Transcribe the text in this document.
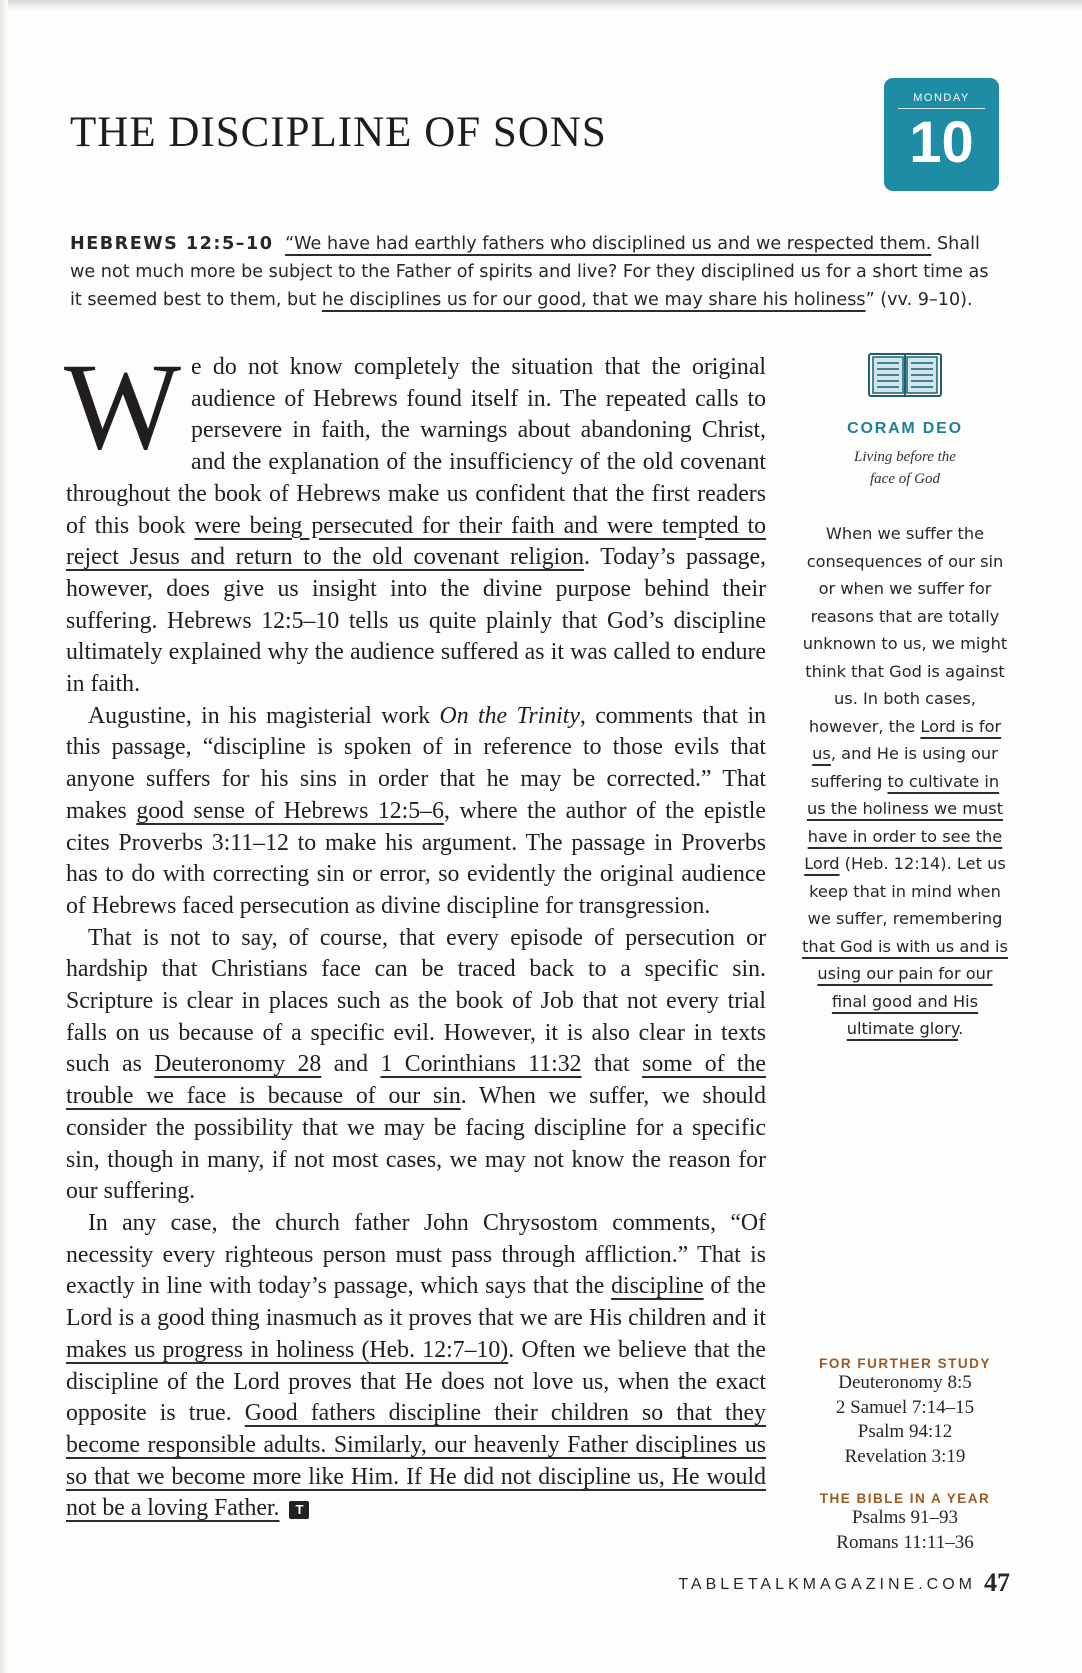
THE DISCIPLINE OF SONS
MONDAY
10
HEBREWS 12:5–10 “We have had earthly fathers who disciplined us and we respected them. Shall we not much more be subject to the Father of spirits and live? For they disciplined us for a short time as it seemed best to them, but he disciplines us for our good, that we may share his holiness” (vv. 9–10).

We do not know completely the situation that the original audience of Hebrews found itself in. The repeated calls to persevere in faith, the warnings about abandoning Christ, and the explanation of the insufficiency of the old covenant throughout the book of Hebrews make us confident that the first readers of this book were being persecuted for their faith and were tempted to reject Jesus and return to the old covenant religion. Today’s passage, however, does give us insight into the divine purpose behind their suffering. Hebrews 12:5–10 tells us quite plainly that God’s discipline ultimately explained why the audience suffered as it was called to endure in faith.

Augustine, in his magisterial work On the Trinity, comments that in this passage, “discipline is spoken of in reference to those evils that anyone suffers for his sins in order that he may be corrected.” That makes good sense of Hebrews 12:5–6, where the author of the epistle cites Proverbs 3:11–12 to make his argument. The passage in Proverbs has to do with correcting sin or error, so evidently the original audience of Hebrews faced persecution as divine discipline for transgression.

That is not to say, of course, that every episode of persecution or hardship that Christians face can be traced back to a specific sin. Scripture is clear in places such as the book of Job that not every trial falls on us because of a specific evil. However, it is also clear in texts such as Deuteronomy 28 and 1 Corinthians 11:32 that some of the trouble we face is because of our sin. When we suffer, we should consider the possibility that we may be facing discipline for a specific sin, though in many, if not most cases, we may not know the reason for our suffering.

In any case, the church father John Chrysostom comments, “Of necessity every righteous person must pass through affliction.” That is exactly in line with today’s passage, which says that the discipline of the Lord is a good thing inasmuch as it proves that we are His children and it makes us progress in holiness (Heb. 12:7–10). Often we believe that the discipline of the Lord proves that He does not love us, when the exact opposite is true. Good fathers discipline their children so that they become responsible adults. Similarly, our heavenly Father disciplines us so that we become more like Him. If He did not discipline us, He would not be a loving Father. T

CORAM DEO
Living before the
face of God
When we suffer the consequences of our sin or when we suffer for reasons that are totally unknown to us, we might think that God is against us. In both cases, however, the Lord is for us, and He is using our suffering to cultivate in us the holiness we must have in order to see the Lord (Heb. 12:14). Let us keep that in mind when we suffer, remembering that God is with us and is using our pain for our final good and His ultimate glory.
FOR FURTHER STUDY
Deuteronomy 8:5
2 Samuel 7:14–15
Psalm 94:12
Revelation 3:19
THE BIBLE IN A YEAR
Psalms 91–93
Romans 11:11–36
TABLETALKMAGAZINE.COM 47
